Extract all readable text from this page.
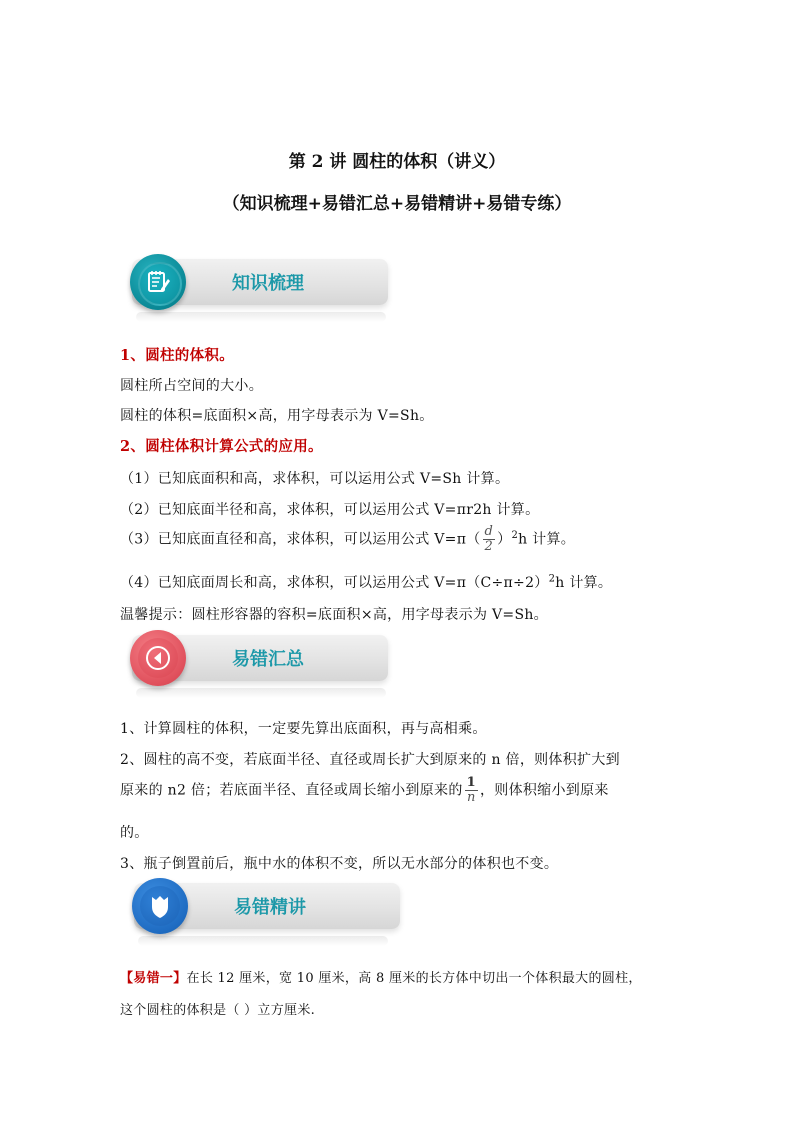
第 2 讲 圆柱的体积（讲义）
（知识梳理+易错汇总+易错精讲+易错专练）
知识梳理
1、圆柱的体积。
圆柱所占空间的大小。
圆柱的体积=底面积×高，用字母表示为 V=Sh。
2、圆柱体积计算公式的应用。
（1）已知底面积和高，求体积，可以运用公式 V=Sh 计算。
（2）已知底面半径和高，求体积，可以运用公式 V=πr2h 计算。
（3）已知底面直径和高，求体积，可以运用公式 $V=\pi( \frac{d}{2} )^2h$ 计算。
（4）已知底面周长和高，求体积，可以运用公式 $V=\pi(C\div\pi\div 2)^2h$ 计算。
温馨提示：圆柱形容器的容积=底面积×高，用字母表示为 V=Sh。
易错汇总
1、计算圆柱的体积，一定要先算出底面积，再与高相乘。
2、圆柱的高不变，若底面半径、直径或周长扩大到原来的 n 倍，则体积扩大到
原来的 n2 倍；若底面半径、直径或周长缩小到原来的 $\frac{1}{n}$ ，则体积缩小到原来
的。
3、瓶子倒置前后，瓶中水的体积不变，所以无水部分的体积也不变。
易错精讲
【易错一】在长 12 厘米，宽 10 厘米，高 8 厘米的长方体中切出一个体积最大的圆柱，
这个圆柱的体积是（ ）立方厘米.
